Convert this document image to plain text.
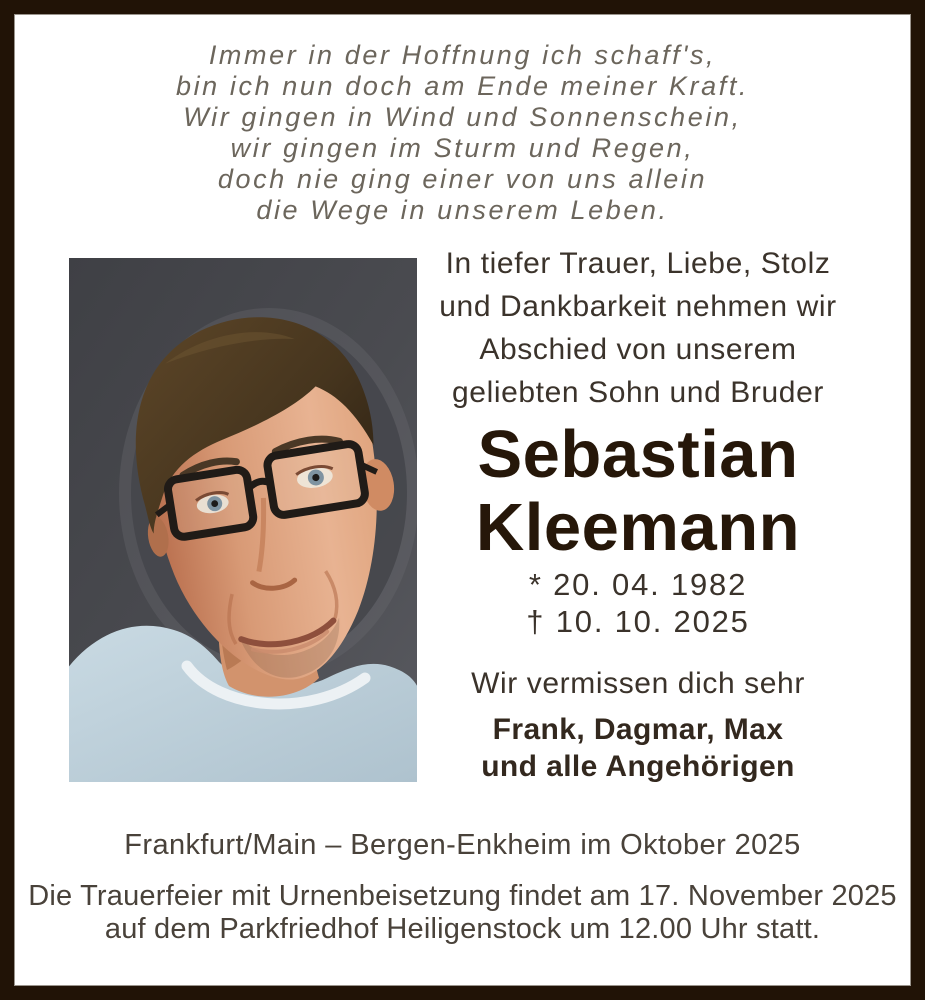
Immer in der Hoffnung ich schaff's,
bin ich nun doch am Ende meiner Kraft.
Wir gingen in Wind und Sonnenschein,
wir gingen im Sturm und Regen,
doch nie ging einer von uns allein
die Wege in unserem Leben.
In tiefer Trauer, Liebe, Stolz
und Dankbarkeit nehmen wir
Abschied von unserem
geliebten Sohn und Bruder
Sebastian
Kleemann
* 20. 04. 1982
† 10. 10. 2025
Wir vermissen dich sehr
Frank, Dagmar, Max
und alle Angehörigen
Frankfurt/Main – Bergen-Enkheim im Oktober 2025
Die Trauerfeier mit Urnenbeisetzung findet am 17. November 2025
auf dem Parkfriedhof Heiligenstock um 12.00 Uhr statt.
